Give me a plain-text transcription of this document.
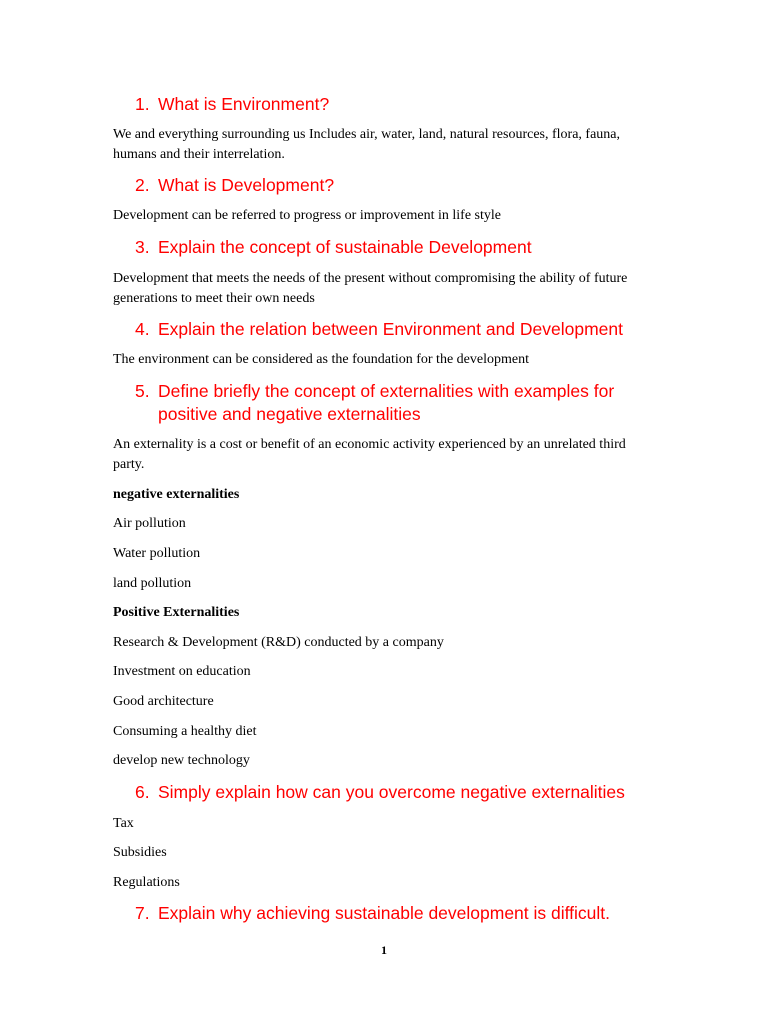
1. What is Environment?

We and everything surrounding us Includes air, water, land, natural resources, flora, fauna, humans and their interrelation.

2. What is Development?

Development can be referred to progress or improvement in life style

3. Explain the concept of sustainable Development

Development that meets the needs of the present without compromising the ability of future generations to meet their own needs

4. Explain the relation between Environment and Development

The environment can be considered as the foundation for the development

5. Define briefly the concept of externalities with examples for positive and negative externalities

An externality is a cost or benefit of an economic activity experienced by an unrelated third party.

negative externalities

Air pollution

Water pollution

land pollution

Positive Externalities

Research & Development (R&D) conducted by a company

Investment on education

Good architecture

Consuming a healthy diet

develop new technology

6. Simply explain how can you overcome negative externalities

Tax

Subsidies

Regulations

7. Explain why achieving sustainable development is difficult.

1
